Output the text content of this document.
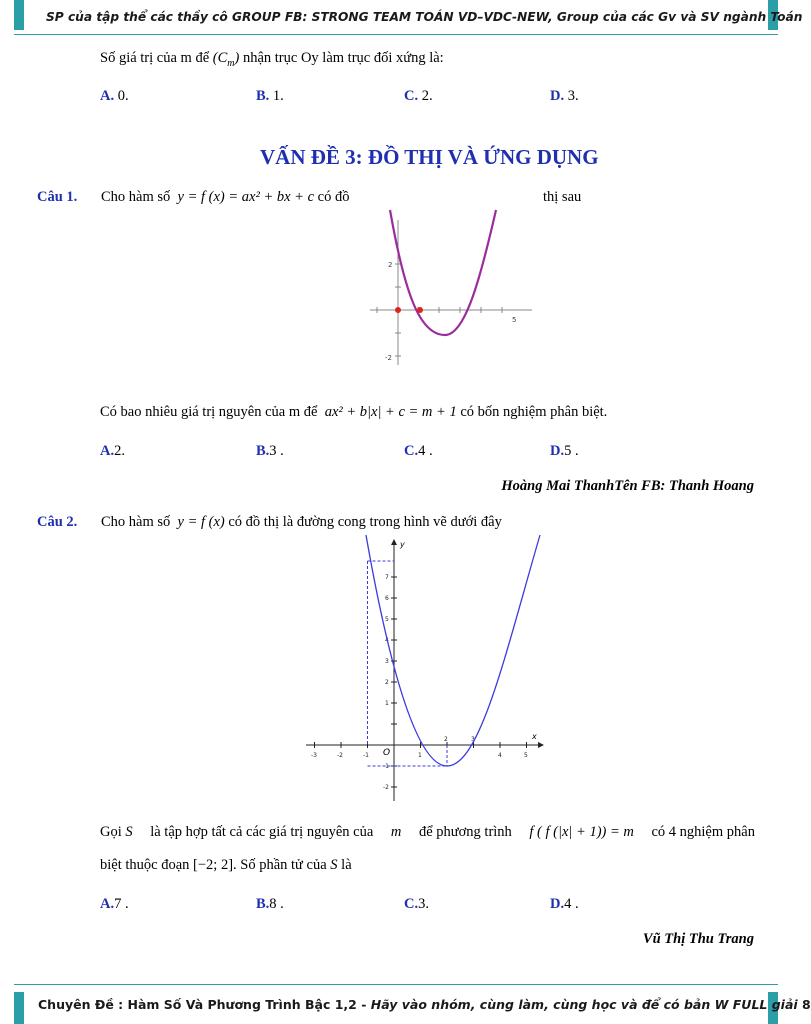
SP của tập thể các thầy cô GROUP FB: STRONG TEAM TOÁN VD–VDC-NEW, Group của các Gv và SV ngành Toán
Số giá trị của m để $(C_m)$ nhận trục Oy làm trục đối xứng là:
A. 0.	B. 1.	C. 2.	D. 3.
VẤN ĐỀ 3: ĐỒ THỊ VÀ ỨNG DỤNG
Câu 1. Cho hàm số y = f (x) = ax² + bx + c có đồ	thị sau
2
-2
5
Có bao nhiêu giá trị nguyên của m để ax² + b|x| + c = m + 1 có bốn nghiệm phân biệt.
A.2.	B.3 .	C.4 .	D.5 .
Hoàng Mai ThanhTên FB: Thanh Hoang
Câu 2. Cho hàm số y = f (x) có đồ thị là đường cong trong hình vẽ dưới đây
x
y
O
-3	-2	-1	1
2	3
4	5
7
6
5
4
3
2
1
-1
-2
Gọi S là tập hợp tất cả các giá trị nguyên của m để phương trình f ( f (|x| + 1)) = m có 4 nghiệm phân
biệt thuộc đoạn [−2; 2]. Số phần tử của S là
A.7 .	B.8 .	C.3.	D.4 .
Vũ Thị Thu Trang
Chuyên Đề : Hàm Số Và Phương Trình Bậc 1,2 - Hãy vào nhóm, cùng làm, cùng học và để có bản W FULL giải 8
